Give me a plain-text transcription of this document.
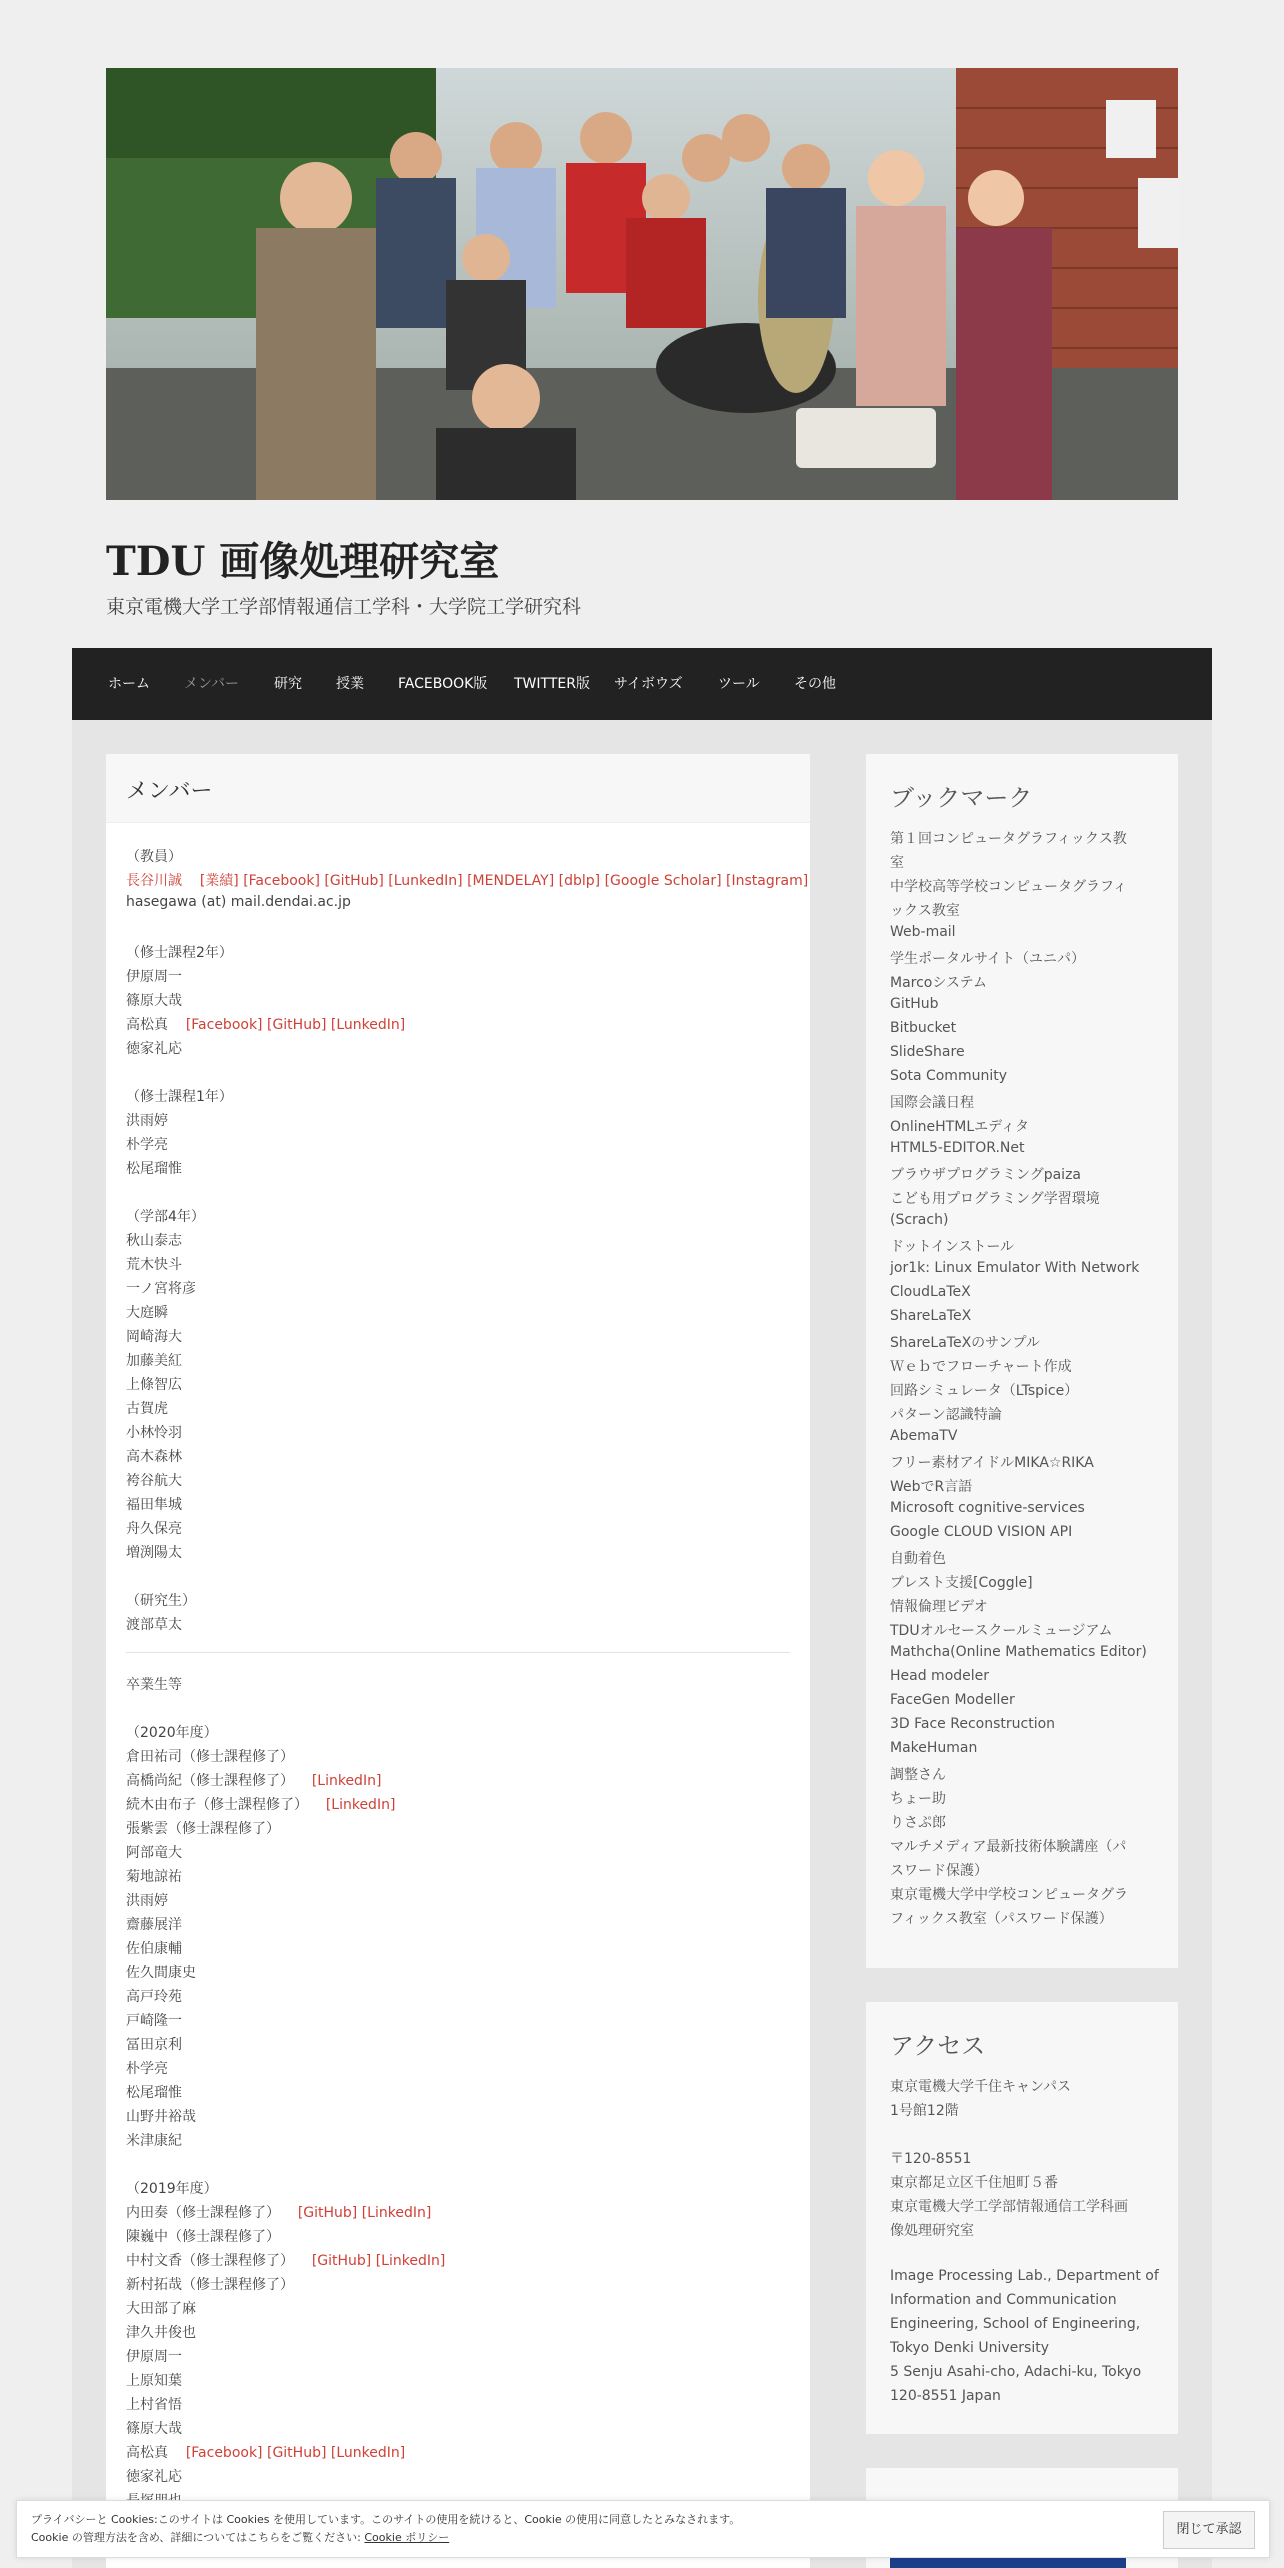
TDU 画像処理研究室
東京電機大学工学部情報通信工学科・大学院工学研究科
ホーム メンバー 研究 授業 FACEBOOK版 TWITTER版 サイボウズ	ツール その他
メンバー
（教員）
長谷川誠 [業績] [Facebook] [GitHub] [LunkedIn] [MENDELAY] [dblp] [Google Scholar] [Instagram]
hasegawa (at) mail.dendai.ac.jp
（修士課程2年）
伊原周一
篠原大哉
高松真 [Facebook] [GitHub] [LunkedIn]
徳家礼応
（修士課程1年）
洪雨婷
朴学亮
松尾瑠惟
（学部4年）
秋山泰志
荒木快斗
一ノ宮将彦
大庭瞬
岡崎海大
加藤美紅
上條智広
古賀虎
小林怜羽
高木森林
袴谷航大
福田隼城
舟久保亮
増渕陽太
（研究生）
渡部草太
卒業生等
（2020年度）
倉田祐司（修士課程修了）
高橋尚紀（修士課程修了） [LinkedIn]
続木由布子（修士課程修了） [LinkedIn]
張紫雲（修士課程修了）
阿部竜大
菊地諒祐
洪雨婷
齋藤展洋
佐伯康輔
佐久間康史
高戸玲苑
戸崎隆一
冨田京利
朴学亮
松尾瑠惟
山野井裕哉
米津康紀
（2019年度）
内田奏（修士課程修了） [GitHub] [LinkedIn]
陳巍中（修士課程修了）
中村文香（修士課程修了） [GitHub] [LinkedIn]
新村拓哉（修士課程修了）
大田部了麻
津久井俊也
伊原周一
上原知葉
上村省悟
篠原大哉
高松真 [Facebook] [GitHub] [LunkedIn]
徳家礼応
ブックマーク
第１回コンピュータグラフィックス教
室
中学校高等学校コンピュータグラフィ
ックス教室
Web-mail
学生ポータルサイト（ユニパ）
Marcoシステム
GitHub
Bitbucket
SlideShare
Sota Community
国際会議日程
OnlineHTMLエディタ
HTML5-EDITOR.Net
ブラウザプログラミングpaiza
こども用プログラミング学習環境
(Scrach)
ドットインストール
jor1k: Linux Emulator With Network
CloudLaTeX
ShareLaTeX
ShareLaTeXのサンプル
Ｗｅｂでフローチャート作成
回路シミュレータ（LTspice）
パターン認識特論
AbemaTV
フリー素材アイドルMIKA☆RIKA
WebでR言語
Microsoft cognitive-services
Google CLOUD VISION API
自動着色
ブレスト支援[Coggle]
情報倫理ビデオ
TDUオルセースクールミュージアム
Mathcha(Online Mathematics Editor)
Head modeler
FaceGen Modeller
3D Face Reconstruction
MakeHuman
調整さん
ちょー助
りさぷ郎
マルチメディア最新技術体験講座（パ
スワード保護）
東京電機大学中学校コンピュータグラ
フィックス教室（パスワード保護）
アクセス
東京電機大学千住キャンパス
1号館12階
〒120-8551
東京都足立区千住旭町５番
東京電機大学工学部情報通信工学科画
像処理研究室
Image Processing Lab., Department of
Information and Communication
Engineering, School of Engineering,
Tokyo Denki University
5 Senju Asahi-cho, Adachi-ku, Tokyo
120-8551 Japan
プライバシーと Cookies:このサイトは Cookies を使用しています。このサイトの使用を続けると、Cookie の使用に同意したとみなされます。
Cookie の管理方法を含め、詳細についてはこちらをご覧ください: Cookie ポリシー
閉じて承認
